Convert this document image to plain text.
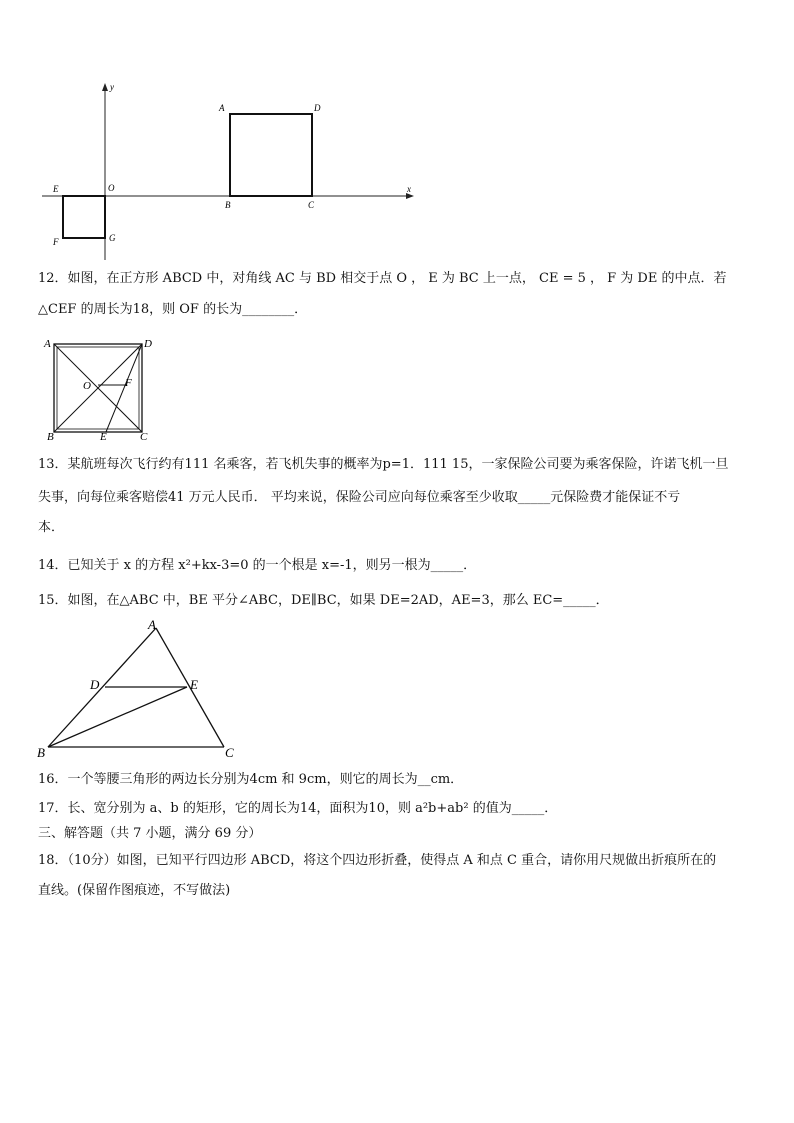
y
x
O
A	D
B	C
E
F	G
12．如图，在正方形 ABCD 中，对角线 AC 与 BD 相交于点 O ， E 为 BC 上一点， CE = 5 ， F 为 DE 的中点．若
△CEF 的周长为18，则 OF 的长为________．
A	D
O	F
B	E	C
13．某航班每次飞行约有111 名乘客，若飞机失事的概率为p=1．111 15，一家保险公司要为乘客保险，许诺飞机一旦
失事，向每位乘客赔偿41 万元人民币． 平均来说，保险公司应向每位乘客至少收取_____元保险费才能保证不亏
本．
14．已知关于 x 的方程 x²+kx-3=0 的一个根是 x=-1，则另一根为_____．
15．如图，在△ABC 中，BE 平分∠ABC，DE∥BC，如果 DE=2AD，AE=3，那么 EC=_____．
A
D	E
B	C
16．一个等腰三角形的两边长分别为4cm 和 9cm，则它的周长为__cm．
17．长、宽分别为 a、b 的矩形，它的周长为14，面积为10，则 a²b+ab² 的值为_____．
三、解答题（共 7 小题，满分 69 分）
18．（10分）如图，已知平行四边形 ABCD，将这个四边形折叠，使得点 A 和点 C 重合，请你用尺规做出折痕所在的
直线。(保留作图痕迹，不写做法)
